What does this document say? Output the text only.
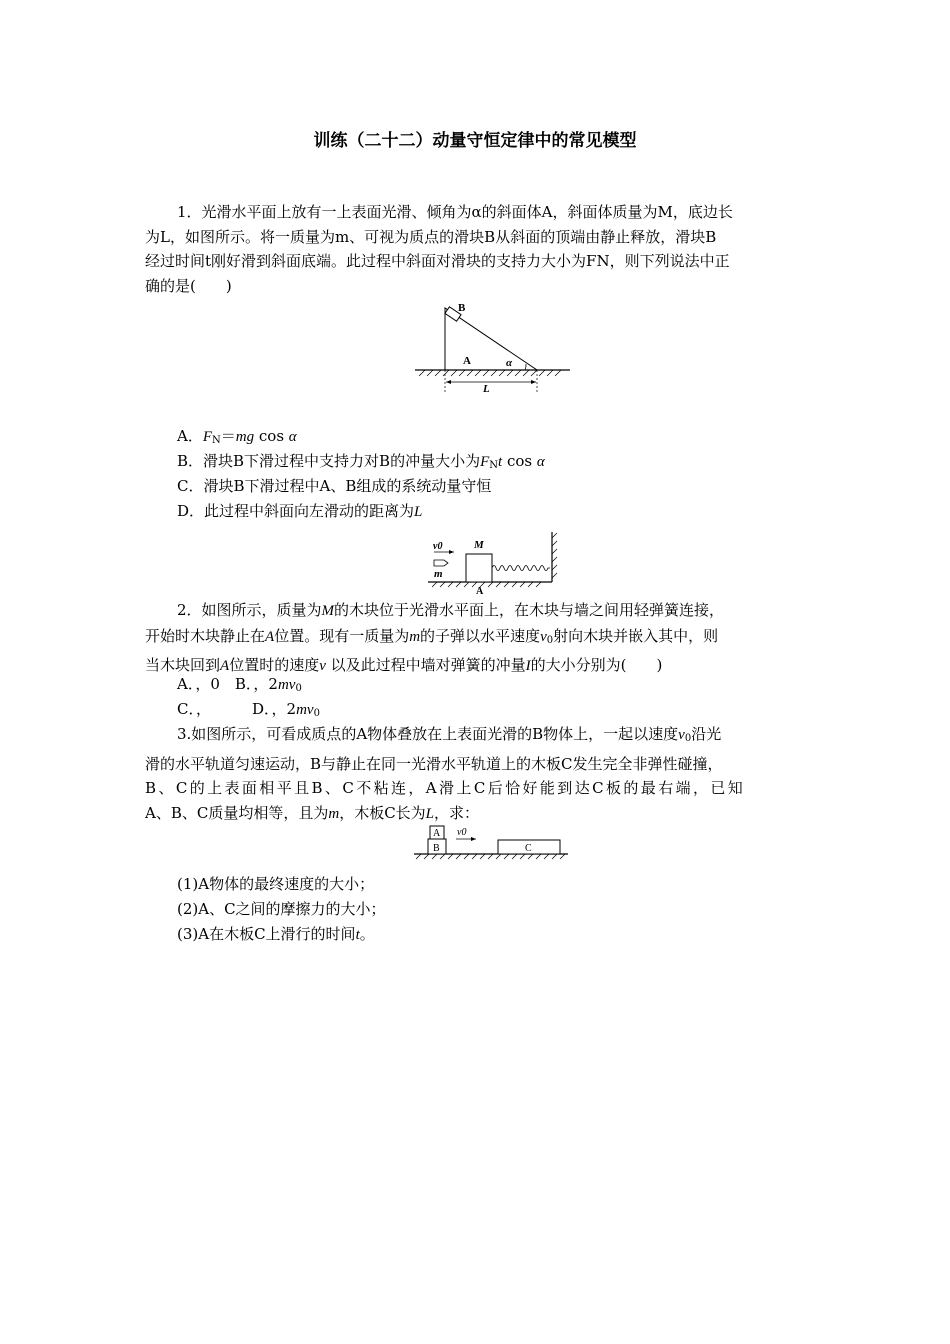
训练（二十二）动量守恒定律中的常见模型
1．光滑水平面上放有一上表面光滑、倾角为α的斜面体A，斜面体质量为M，底边长
为L，如图所示。将一质量为m、可视为质点的滑块B从斜面的顶端由静止释放，滑块B
经过时间t刚好滑到斜面底端。此过程中斜面对滑块的支持力大小为FN，则下列说法中正
确的是(　　)
B
A	α
L
A．$F_N=mg$ cos α
B．滑块B下滑过程中支持力对B的冲量大小为$F_Nt$ cos α
C．滑块B下滑过程中A、B组成的系统动量守恒
D．此过程中斜面向左滑动的距离为L
v0	M
m
A
2．如图所示，质量为M的木块位于光滑水平面上，在木块与墙之间用轻弹簧连接，
开始时木块静止在A位置。现有一质量为m的子弹以水平速度$v_0$射向木块并嵌入其中，则
当木块回到A位置时的速度v 以及此过程中墙对弹簧的冲量I的大小分别为(　　)
A．，0　B．，$2mv_0$
C．，　D．，$2mv_0$
3.如图所示，可看成质点的A物体叠放在上表面光滑的B物体上，一起以速度$v_0$沿光
滑的水平轨道匀速运动，B与静止在同一光滑水平轨道上的木板C发生完全非弹性碰撞，
B、C的上表面相平且B、C不粘连，A滑上C后恰好能到达C板的最右端，已知
A、B、C质量均相等，且为m，木板C长为L，求：
A
B
v0
C
(1)A物体的最终速度的大小；
(2)A、C之间的摩擦力的大小；
(3)A在木板C上滑行的时间t。
